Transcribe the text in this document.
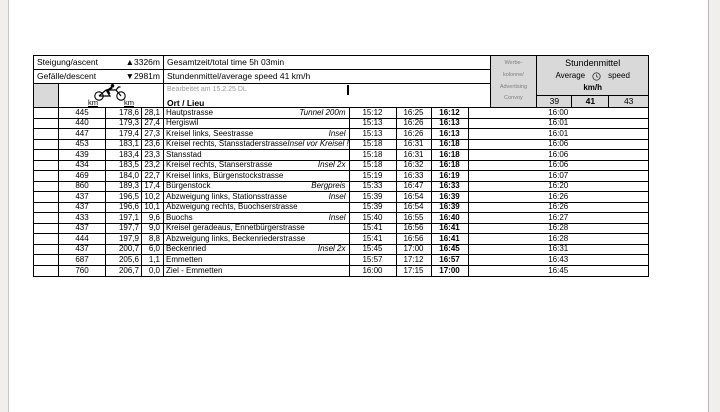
Steigung/ascent	▲3326m Gesamtzeit/total time 5h 03min
Gefälle/descent	▼2981m Stundenmittel/average speed 41 km/h
km	km
Bearbeitet am 15.2.25 DL
Ort / Lieu
Werbe-
kolonne/
Advertising
Convoy
Stundenmittel
Average	speed
km/h
39	41	43
445	178,6 28,1 Hautpstrasse	Tunnel 200m	15:12	16:25	16:12	16:00
440	179,3 27,4 Hergiswil	15:13	16:26	16:13	16:01
447	179,4 27,3 Kreisel links, Seestrasse	Insel	15:13	16:26	16:13	16:01
453	183,1 23,6 Kreisel rechts, Stansstaderstrasse Insel vor Kreisel !	15:18	16:31	16:18	16:06
439	183,4 23,3 Stansstad	15:18	16:31	16:18	16:06
434	183,5 23,2 Kreisel rechts, Stanserstrasse	Insel 2x	15:18	16:32	16:18	16:06
469	184,0 22,7 Kreisel links, Bürgenstockstrasse	15:19	16:33	16:19	16:07
860	189,3 17,4 Bürgenstock	Bergpreis	15:33	16:47	16:33	16:20
437	196,5 10,2 Abzweigung links, Stationsstrasse	Insel	15:39	16:54	16:39	16:26
437	196,6 10,1 Abzweigung rechts, Buochserstrasse	15:39	16:54	16:39	16:26
433	197,1	9,6 Buochs	Insel	15:40	16:55	16:40	16:27
437	197,7	9,0 Kreisel geradeaus, Ennetbürgerstrasse	15:41	16:56	16:41	16:28
444	197,9	8,8 Abzweigung links, Beckenriederstrasse	15:41	16:56	16:41	16:28
437	200,7	6,0 Beckenried	Insel 2x	15:45	17:00	16:45	16:31
687	205,6	1,1 Emmetten	15:57	17:12	16:57	16:43
760	206,7	0,0 Ziel - Emmetten	16:00	17:15	17:00	16:45
